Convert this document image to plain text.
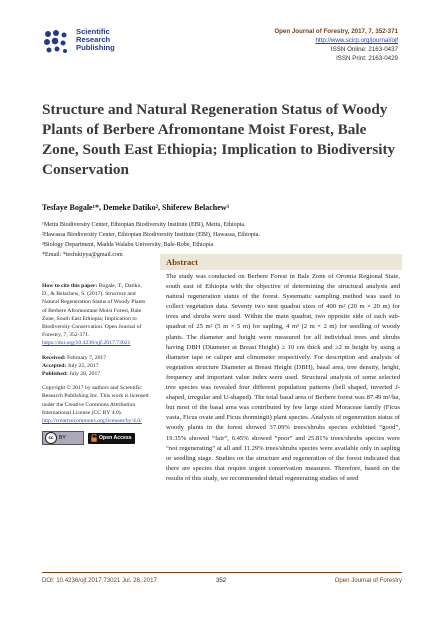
Scientific Research Publishing
Open Journal of Forestry, 2017, 7, 352-371
http://www.scirp.org/journal/ojf
ISSN Online: 2163-0437
ISSN Print: 2163-0429
Structure and Natural Regeneration Status of Woody Plants of Berbere Afromontane Moist Forest, Bale Zone, South East Ethiopia; Implication to Biodiversity Conservation
Tesfaye Bogale¹*, Demeke Datiko², Shiferew Belachew³
¹Mettu Biodiversity Center, Ethiopian Biodiversity Institute (EBI), Mettu, Ethiopia.
²Hawassa Biodiversity Center, Ethiopian Biodiversity Institute (EBI), Hawassa, Ethiopia.
³Biology Department, Madda Walabu University, Bale-Robe, Ethiopia
*Email: *tesfukiyya@gmail.com

How to cite this paper: Bogale, T., Datiko, D., & Belachew, S. (2017). Structure and Natural Regeneration Status of Woody Plants of Berbere Afromontane Moist Forest, Bale Zone, South East Ethiopia; Implication to Biodiversity Conservation. Open Journal of Forestry, 7, 352-371.
https://doi.org/10.4236/ojf.2017.73021

Received: February 7, 2017
Accepted: July 25, 2017
Published: July 28, 2017

Copyright © 2017 by authors and Scientific Research Publishing Inc. This work is licensed under the Creative Commons Attribution International License (CC BY 4.0).
http://creativecommons.org/licenses/by/4.0/

cc	BY	Open Access
Abstract

The study was conducted on Berbere Forest in Bale Zone of Oromia Regional State, south east of Ethiopia with the objective of determining the structural analysis and natural regeneration status of the forest. Systematic sampling method was used to collect vegetation data. Seventy two nest quadrat sizes of 400 m² (20 m × 20 m) for trees and shrubs were used. Within the main quadrat, two opposite side of each sub-quadrat of 25 m² (5 m × 5 m) for sapling, 4 m² (2 m × 2 m) for seedling of woody plants. The diameter and height were measured for all individual trees and shrubs having DBH (Diameter at Breast Height) ≥ 10 cm thick and ≥2 m height by using a diameter tape or caliper and clinometer respectively. For description and analysis of vegetation structure Diameter at Breast Height (DBH), basal area, tree density, height, frequency and important value index were used. Structural analysis of some selected tree species was revealed four different population patterns (bell shaped, inverted J-shaped, irregular and U-shaped). The total basal area of Berbere forest was 87.49 m²/ha, but most of the basal area was contributed by few large sized Moraceae family (Ficus vasta, Ficus ovate and Ficus thonningii) plant species. Analysis of regeneration status of woody plants in the forest showed 37.09% trees/shrubs species exhibited “good”, 19.35% showed “fair”, 6.45% showed “poor” and 25.81% trees/shrubs species were “not regenerating” at all and 11.29% trees/shrubs species were available only in sapling or seedling stage. Studies on the structure and regeneration of the forest indicated that there are species that require urgent conservation measures. Therefore, based on the results of this study, we recommended detail regenerating studies of seed

DOI: 10.4236/ojf.2017.73021 Jul. 28, 2017	352	Open Journal of Forestry
